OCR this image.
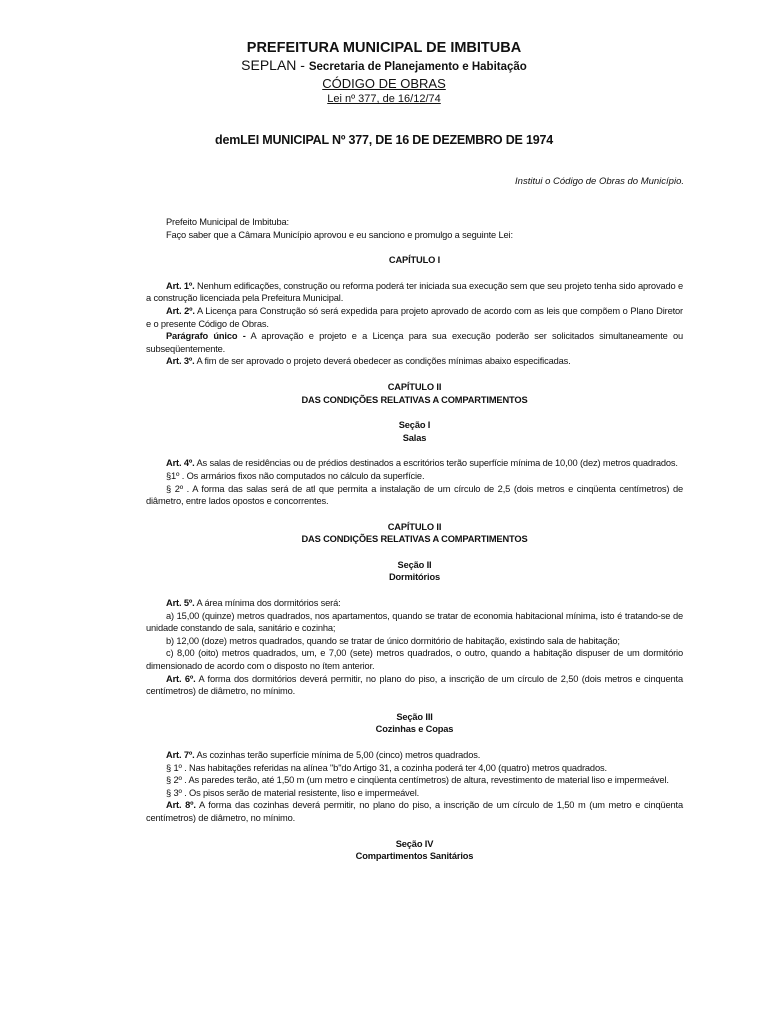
PREFEITURA MUNICIPAL DE IMBITUBA
SEPLAN - Secretaria de Planejamento e Habitação
CÓDIGO DE OBRAS
Lei nº 377, de 16/12/74
demLEI MUNICIPAL Nº 377, DE 16 DE DEZEMBRO DE 1974
Institui o Código de Obras do Município.

Prefeito Municipal de Imbituba:

Faço saber que a Câmara Município aprovou e eu sanciono e promulgo a seguinte Lei:

CAPÍTULO I

Art. 1º. Nenhum edificações, construção ou reforma poderá ter iniciada sua execução sem que seu projeto tenha sido aprovado e a construção licenciada pela Prefeitura Municipal.

Art. 2º. A Licença para Construção só será expedida para projeto aprovado de acordo com as leis que compõem o Plano Diretor e o presente Código de Obras.

Parágrafo único - A aprovação e projeto e a Licença para sua execução poderão ser solicitados simultaneamente ou subseqüentemente.

Art. 3º. A fim de ser aprovado o projeto deverá obedecer as condições mínimas abaixo especificadas.

CAPÍTULO II

DAS CONDIÇÕES RELATIVAS A COMPARTIMENTOS

Seção I

Salas

Art. 4º. As salas de residências ou de prédios destinados a escritórios terão superfície mínima de 10,00 (dez) metros quadrados.

§1º . Os armários fixos não computados no cálculo da superfície.

§ 2º . A forma das salas será de atl que permita a instalação de um círculo de 2,5 (dois metros e cinqüenta centímetros) de diâmetro, entre lados opostos e concorrentes.

CAPÍTULO II

DAS CONDIÇÕES RELATIVAS A COMPARTIMENTOS

Seção II

Dormitórios

Art. 5º. A área mínima dos dormitórios será:

a) 15,00 (quinze) metros quadrados, nos apartamentos, quando se tratar de economia habitacional mínima, isto é tratando-se de unidade constando de sala, sanitário e cozinha;

b) 12,00 (doze) metros quadrados, quando se tratar de único dormitório de habitação, existindo sala de habitação;

c) 8,00 (oito) metros quadrados, um, e 7,00 (sete) metros quadrados, o outro, quando a habitação dispuser de um dormitório dimensionado de acordo com o disposto no ítem anterior.

Art. 6º. A forma dos dormitórios deverá permitir, no plano do piso, a inscrição de um círculo de 2,50 (dois metros e cinquenta centímetros) de diâmetro, no mínimo.

Seção III

Cozinhas e Copas

Art. 7º. As cozinhas terão superfície mínima de 5,00 (cinco) metros quadrados.

§ 1º . Nas habitações referidas na alínea "b"do Artigo 31, a cozinha poderá ter 4,00 (quatro) metros quadrados.

§ 2º . As paredes terão, até 1,50 m (um metro e cinqüenta centímetros) de altura, revestimento de material liso e impermeável.

§ 3º . Os pisos serão de material resistente, liso e impermeável.

Art. 8º. A forma das cozinhas deverá permitir, no plano do piso, a inscrição de um círculo de 1,50 m (um metro e cinqüenta centímetros) de diâmetro, no mínimo.

Seção IV

Compartimentos Sanitários
